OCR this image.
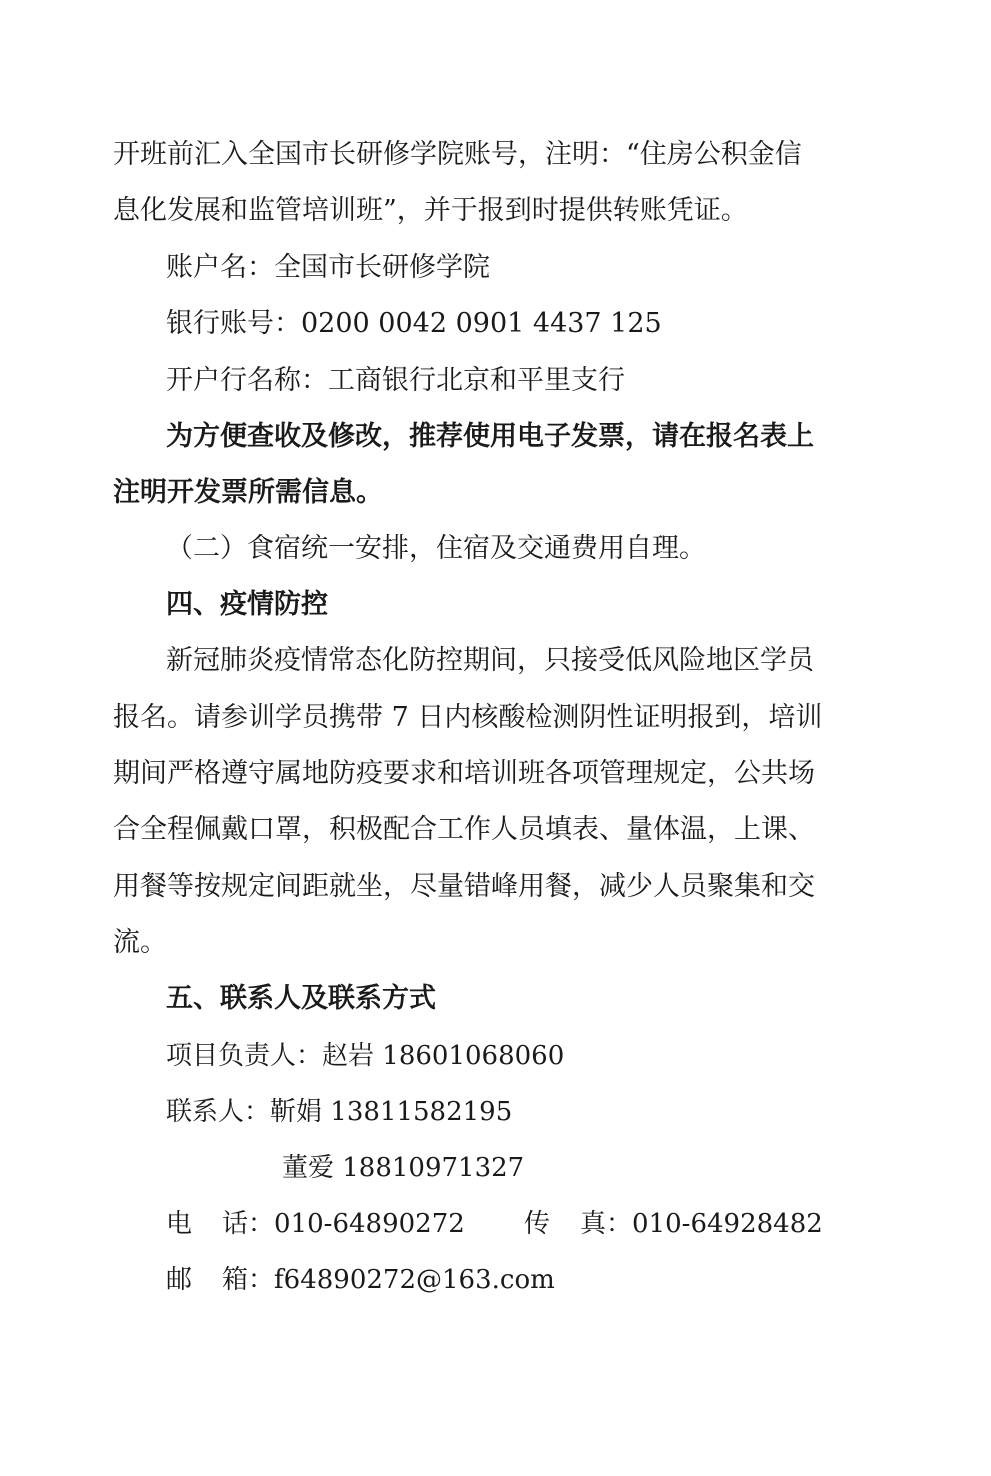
开班前汇入全国市长研修学院账号，注明：“住房公积金信
息化发展和监管培训班”，并于报到时提供转账凭证。
账户名：全国市长研修学院
银行账号：0200 0042 0901 4437 125
开户行名称：工商银行北京和平里支行
为方便查收及修改，推荐使用电子发票，请在报名表上
注明开发票所需信息。
（二）食宿统一安排，住宿及交通费用自理。
四、疫情防控
新冠肺炎疫情常态化防控期间，只接受低风险地区学员
报名。请参训学员携带 7 日内核酸检测阴性证明报到，培训
期间严格遵守属地防疫要求和培训班各项管理规定，公共场
合全程佩戴口罩，积极配合工作人员填表、量体温，上课、
用餐等按规定间距就坐，尽量错峰用餐，减少人员聚集和交
流。
五、联系人及联系方式
项目负责人：赵岩 18601068060
联系人：靳娟 13811582195
董爱 18810971327
电 话：010-64890272 传 真：010-64928482
邮 箱：f64890272@163.com
